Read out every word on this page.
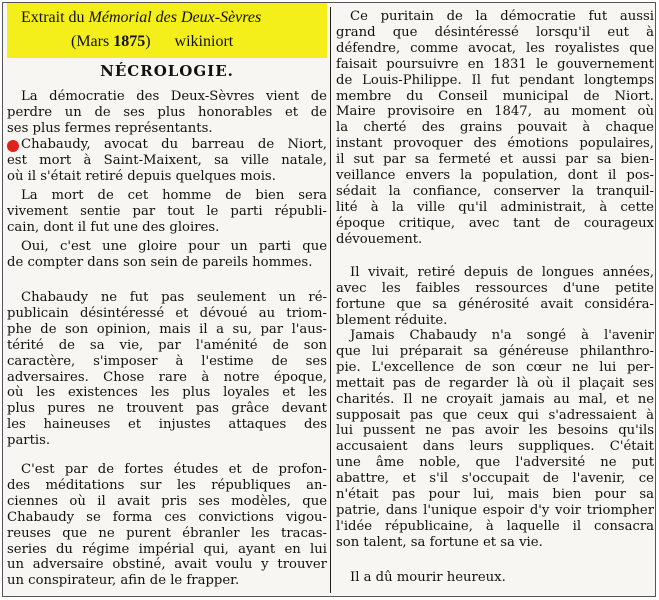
Extrait du Mémorial des Deux-Sèvres
(Mars 1875) wikiniort
NÉCROLOGIE.
La démocratie des Deux-Sèvres vient de
perdre un de ses plus honorables et de
ses plus fermes représentants.
Chabaudy, avocat du barreau de Niort,
est mort à Saint-Maixent, sa ville natale,
où il s'était retiré depuis quelques mois.
La mort de cet homme de bien sera
vivement sentie par tout le parti républi-
cain, dont il fut une des gloires.
Oui, c'est une gloire pour un parti que
de compter dans son sein de pareils hommes.
Chabaudy ne fut pas seulement un ré-
publicain désintéressé et dévoué au triom-
phe de son opinion, mais il a su, par l'aus-
térité de sa vie, par l'aménité de son
caractère, s'imposer à l'estime de ses
adversaires. Chose rare à notre époque,
où les existences les plus loyales et les
plus pures ne trouvent pas grâce devant
les haineuses et injustes attaques des
partis.
C'est par de fortes études et de profon-
des méditations sur les républiques an-
ciennes où il avait pris ses modèles, que
Chabaudy se forma ces convictions vigou-
reuses que ne purent ébranler les tracas-
series du régime impérial qui, ayant en lui
un adversaire obstiné, avait voulu y trouver
un conspirateur, afin de le frapper.
Ce puritain de la démocratie fut aussi
grand que désintéressé lorsqu'il eut à
défendre, comme avocat, les royalistes que
faisait poursuivre en 1831 le gouvernement
de Louis-Philippe. Il fut pendant longtemps
membre du Conseil municipal de Niort.
Maire provisoire en 1847, au moment où
la cherté des grains pouvait à chaque
instant provoquer des émotions populaires,
il sut par sa fermeté et aussi par sa bien-
veillance envers la population, dont il pos-
sédait la confiance, conserver la tranquil-
lité à la ville qu'il administrait, à cette
époque critique, avec tant de courageux
dévouement.
Il vivait, retiré depuis de longues années,
avec les faibles ressources d'une petite
fortune que sa générosité avait considéra-
blement réduite.
Jamais Chabaudy n'a songé à l'avenir
que lui préparait sa généreuse philanthro-
pie. L'excellence de son cœur ne lui per-
mettait pas de regarder là où il plaçait ses
charités. Il ne croyait jamais au mal, et ne
supposait pas que ceux qui s'adressaient à
lui pussent ne pas avoir les besoins qu'ils
accusaient dans leurs suppliques. C'était
une âme noble, que l'adversité ne put
abattre, et s'il s'occupait de l'avenir, ce
n'était pas pour lui, mais bien pour sa
patrie, dans l'unique espoir d'y voir triompher
l'idée républicaine, à laquelle il consacra
son talent, sa fortune et sa vie.
Il a dû mourir heureux.
